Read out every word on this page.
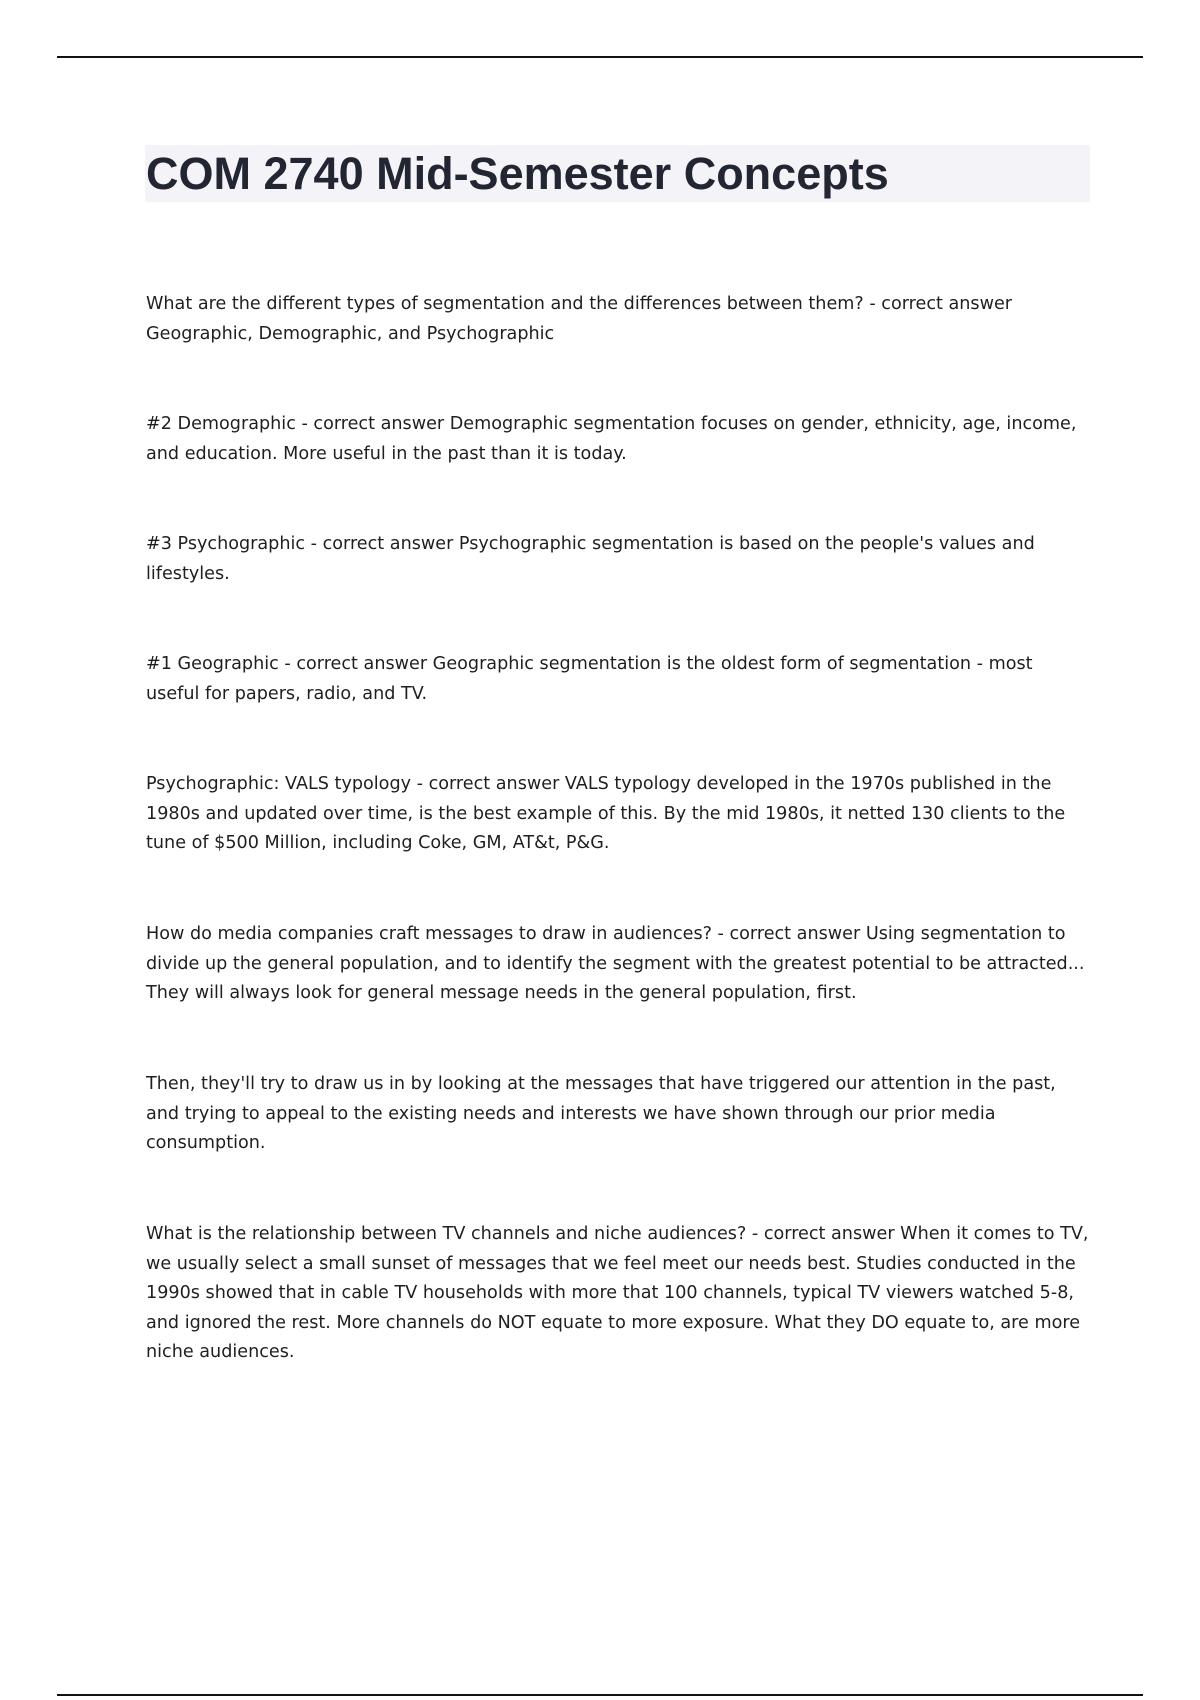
COM 2740 Mid-Semester Concepts

What are the different types of segmentation and the differences between them? - correct answer Geographic, Demographic, and Psychographic

#2 Demographic - correct answer Demographic segmentation focuses on gender, ethnicity, age, income, and education. More useful in the past than it is today.

#3 Psychographic - correct answer Psychographic segmentation is based on the people's values and lifestyles.

#1 Geographic - correct answer Geographic segmentation is the oldest form of segmentation - most useful for papers, radio, and TV.

Psychographic: VALS typology - correct answer VALS typology developed in the 1970s published in the 1980s and updated over time, is the best example of this. By the mid 1980s, it netted 130 clients to the tune of $500 Million, including Coke, GM, AT&t, P&G.

How do media companies craft messages to draw in audiences? - correct answer Using segmentation to divide up the general population, and to identify the segment with the greatest potential to be attracted... They will always look for general message needs in the general population, first.

Then, they'll try to draw us in by looking at the messages that have triggered our attention in the past, and trying to appeal to the existing needs and interests we have shown through our prior media consumption.

What is the relationship between TV channels and niche audiences? - correct answer When it comes to TV, we usually select a small sunset of messages that we feel meet our needs best. Studies conducted in the 1990s showed that in cable TV households with more that 100 channels, typical TV viewers watched 5-8, and ignored the rest. More channels do NOT equate to more exposure. What they DO equate to, are more niche audiences.
